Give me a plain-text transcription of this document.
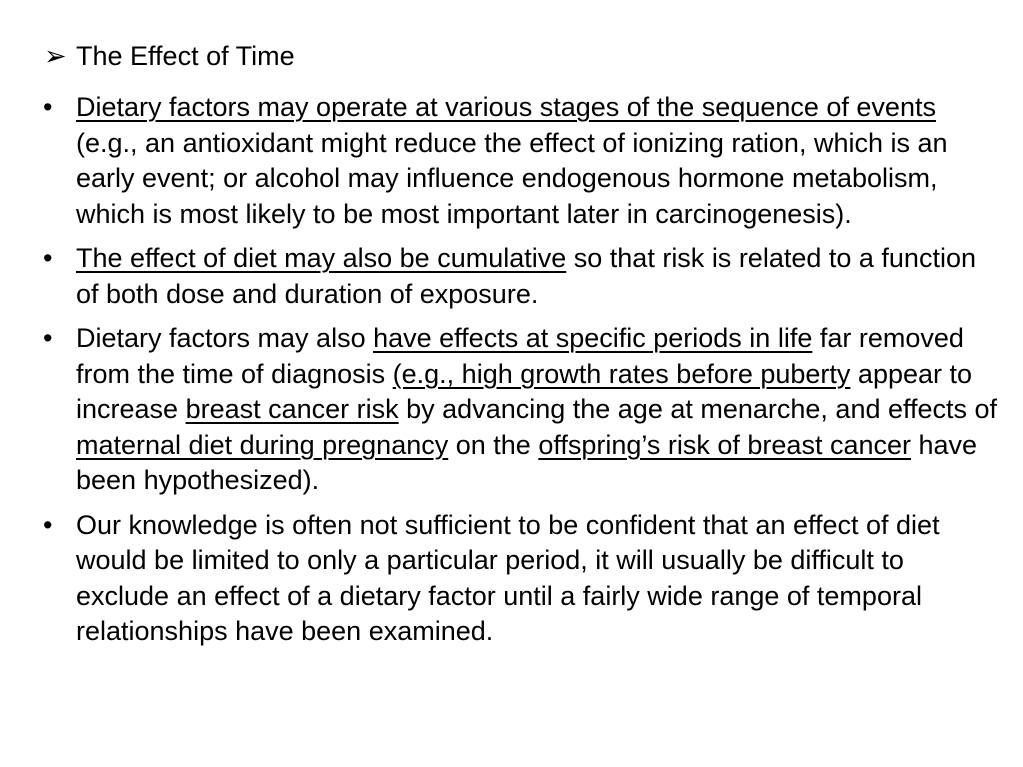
➢ The Effect of Time
• Dietary factors may operate at various stages of the sequence of events (e.g., an antioxidant might reduce the effect of ionizing ration, which is an early event; or alcohol may influence endogenous hormone metabolism, which is most likely to be most important later in carcinogenesis).
• The effect of diet may also be cumulative so that risk is related to a function of both dose and duration of exposure.
• Dietary factors may also have effects at specific periods in life far removed from the time of diagnosis (e.g., high growth rates before puberty appear to increase breast cancer risk by advancing the age at menarche, and effects of maternal diet during pregnancy on the offspring’s risk of breast cancer have been hypothesized).
• Our knowledge is often not sufficient to be confident that an effect of diet would be limited to only a particular period, it will usually be difficult to exclude an effect of a dietary factor until a fairly wide range of temporal relationships have been examined.
